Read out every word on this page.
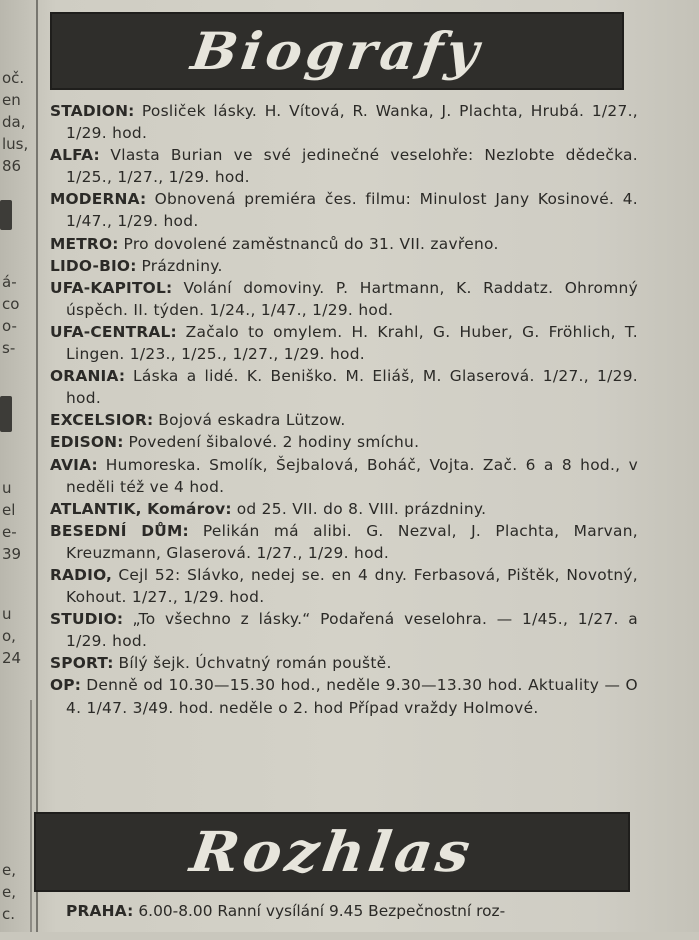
oč.
en
da,
lus,
86
á-
co
o-
s-
u
el
e-
39
u
o,
24
e,
e,
c.
Biografy

STADION: Posliček lásky. H. Vítová, R. Wanka, J. Plachta, Hrubá. 1/27., 1/29. hod.

ALFA: Vlasta Burian ve své jedinečné veselohře: Nezlobte dědečka. 1/25., 1/27., 1/29. hod.

MODERNA: Obnovená premiéra čes. filmu: Minulost Jany Kosinové. 4. 1/47., 1/29. hod.

METRO: Pro dovolené zaměstnanců do 31. VII. zavřeno.

LIDO-BIO: Prázdniny.

UFA-KAPITOL: Volání domoviny. P. Hartmann, K. Raddatz. Ohromný úspěch. II. týden. 1/24., 1/47., 1/29. hod.

UFA-CENTRAL: Začalo to omylem. H. Krahl, G. Huber, G. Fröhlich, T. Lingen. 1/23., 1/25., 1/27., 1/29. hod.

ORANIA: Láska a lidé. K. Beniško. M. Eliáš, M. Glaserová. 1/27., 1/29. hod.

EXCELSIOR: Bojová eskadra Lützow.

EDISON: Povedení šibalové. 2 hodiny smíchu.

AVIA: Humoreska. Smolík, Šejbalová, Boháč, Vojta. Zač. 6 a 8 hod., v neděli též ve 4 hod.

ATLANTIK, Komárov: od 25. VII. do 8. VIII. prázdniny.

BESEDNÍ DŮM: Pelikán má alibi. G. Nezval, J. Plachta, Marvan, Kreuzmann, Glaserová. 1/27., 1/29. hod.

RADIO, Cejl 52: Slávko, nedej se. en 4 dny. Ferbasová, Pištěk, Novotný, Kohout. 1/27., 1/29. hod.

STUDIO: „To všechno z lásky.“ Podařená veselohra. — 1/45., 1/27. a 1/29. hod.

SPORT: Bílý šejk. Úchvatný román pouště.

OP: Denně od 10.30—15.30 hod., neděle 9.30—13.30 hod. Aktuality — O 4. 1/47. 3/49. hod. neděle o 2. hod Případ vraždy Holmové.

Rozhlas
PRAHA: 6.00-8.00 Ranní vysílání 9.45 Bezpečnostní roz-
